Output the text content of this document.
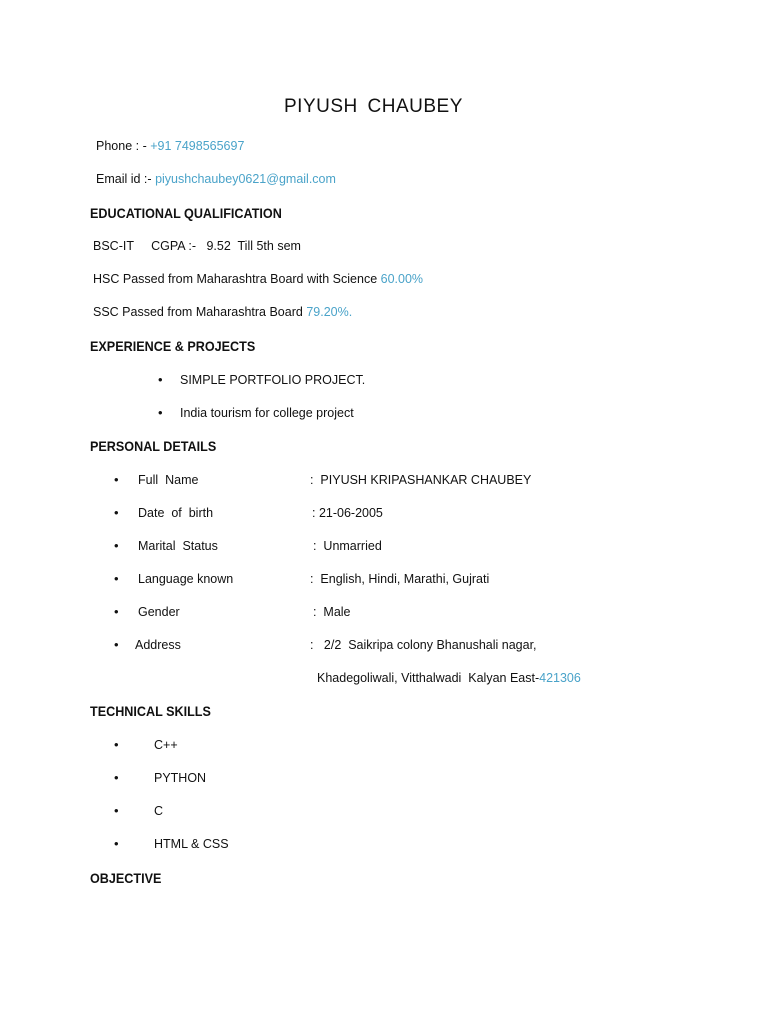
PIYUSH CHAUBEY
Phone : - +91 7498565697
Email id :- piyushchaubey0621@gmail.com
EDUCATIONAL QUALIFICATION
BSC-IT     CGPA :-   9.52  Till 5th sem
HSC Passed from Maharashtra Board with Science 60.00%
SSC Passed from Maharashtra Board 79.20%.
EXPERIENCE & PROJECTS
• SIMPLE PORTFOLIO PROJECT.
• India tourism for college project
PERSONAL DETAILS
• Full  Name	:  PIYUSH KRIPASHANKAR CHAUBEY
• Date  of  birth	: 21-06-2005
• Marital  Status	:  Unmarried
• Language known	:  English, Hindi, Marathi, Gujrati
• Gender	:  Male
• Address	:   2/2  Saikripa colony Bhanushali nagar,
Khadegoliwali, Vitthalwadi  Kalyan East-421306
TECHNICAL SKILLS
•	C++
•	PYTHON
•	C
•	HTML & CSS
OBJECTIVE
